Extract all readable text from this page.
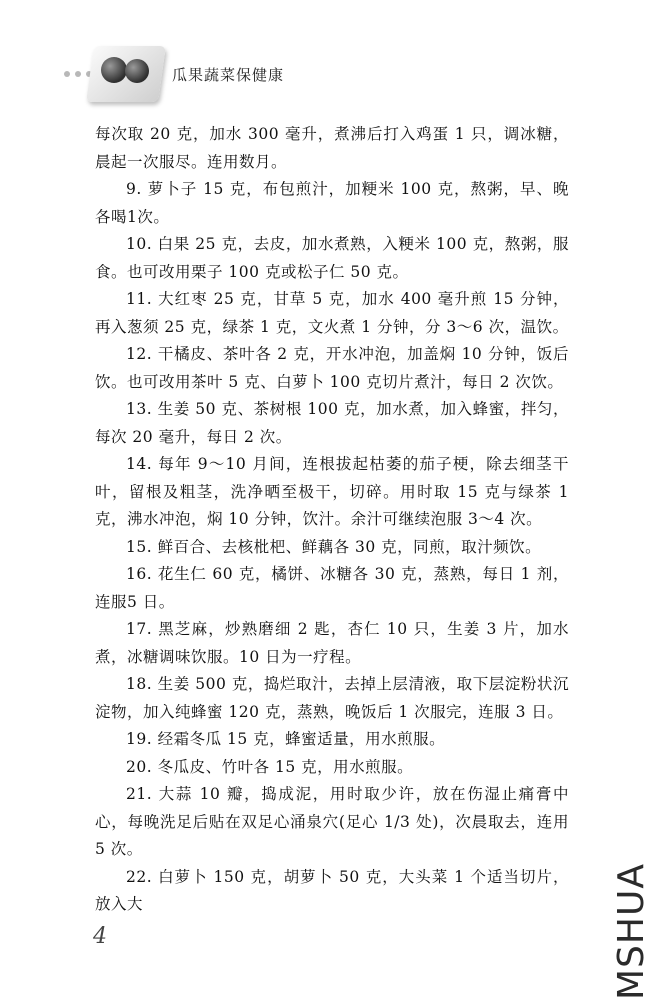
瓜果蔬菜保健康

每次取 20 克，加水 300 毫升，煮沸后打入鸡蛋 1 只，调冰糖，晨起一次服尽。连用数月。

9. 萝卜子 15 克，布包煎汁，加粳米 100 克，熬粥，早、晚各喝1次。

10. 白果 25 克，去皮，加水煮熟，入粳米 100 克，熬粥，服食。也可改用栗子 100 克或松子仁 50 克。

11. 大红枣 25 克，甘草 5 克，加水 400 毫升煎 15 分钟，再入葱须 25 克，绿茶 1 克，文火煮 1 分钟，分 3～6 次，温饮。

12. 干橘皮、茶叶各 2 克，开水冲泡，加盖焖 10 分钟，饭后饮。也可改用茶叶 5 克、白萝卜 100 克切片煮汁，每日 2 次饮。

13. 生姜 50 克、茶树根 100 克，加水煮，加入蜂蜜，拌匀，每次 20 毫升，每日 2 次。

14. 每年 9～10 月间，连根拔起枯萎的茄子梗，除去细茎干叶，留根及粗茎，洗净晒至极干，切碎。用时取 15 克与绿茶 1 克，沸水冲泡，焖 10 分钟，饮汁。余汁可继续泡服 3～4 次。

15. 鲜百合、去核枇杷、鲜藕各 30 克，同煎，取汁频饮。

16. 花生仁 60 克，橘饼、冰糖各 30 克，蒸熟，每日 1 剂，连服5 日。

17. 黑芝麻，炒熟磨细 2 匙，杏仁 10 只，生姜 3 片，加水煮，冰糖调味饮服。10 日为一疗程。

18. 生姜 500 克，捣烂取汁，去掉上层清液，取下层淀粉状沉淀物，加入纯蜂蜜 120 克，蒸熟，晚饭后 1 次服完，连服 3 日。

19. 经霜冬瓜 15 克，蜂蜜适量，用水煎服。

20. 冬瓜皮、竹叶各 15 克，用水煎服。

21. 大蒜 10 瓣，捣成泥，用时取少许，放在伤湿止痛膏中心，每晚洗足后贴在双足心涌泉穴(足心 1/3 处)，次晨取去，连用 5 次。

22. 白萝卜 150 克，胡萝卜 50 克，大头菜 1 个适当切片，放入大

4	MSHUA
